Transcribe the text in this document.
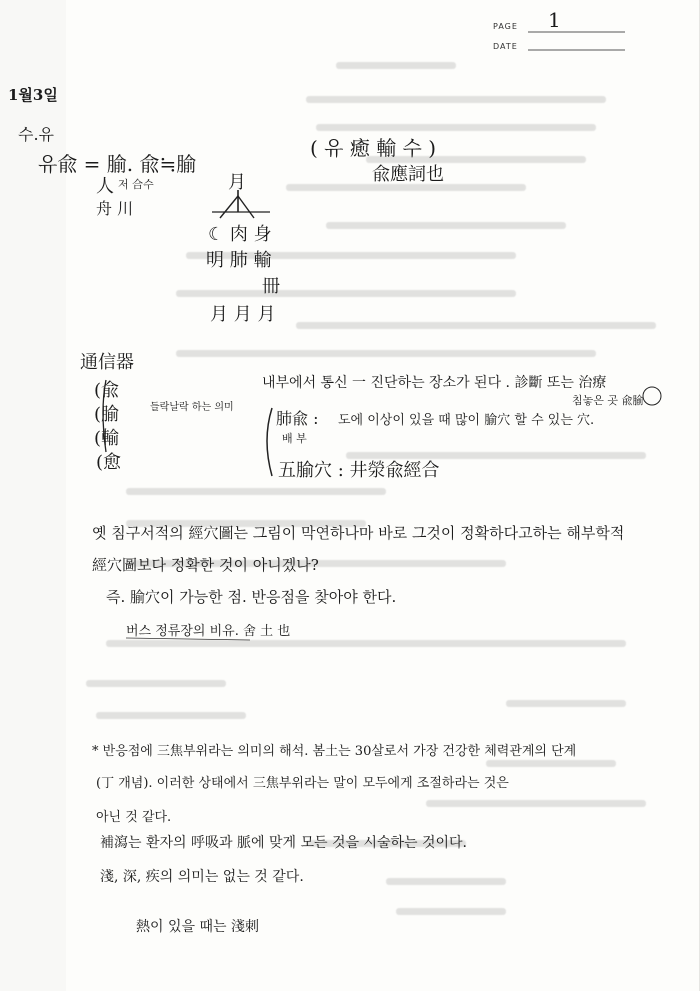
PAGE 1
DATE
1월3일
수.유
유兪 = 腧. 兪≒腧
人 저 合수
舟 川
( 유 癒 輸 수 )
兪應詞也
月
☾ 肉 身
明 肺 輸
冊
月 月 月
通信器
(兪
(腧
(輸
(愈
들락날락 하는 의미
내부에서 통신 一 진단하는 장소가 된다 . 診斷 또는 治療
침놓은 곳 兪腧
肺兪 :
배 부
도에 이상이 있을 때 많이 腧穴 할 수 있는 穴.
五腧穴 : 井滎兪經合
옛 침구서적의 經穴圖는 그림이 막연하나마 바로 그것이 정확하다고하는 해부학적
經穴圖보다 정확한 것이 아니겠나?
즉. 腧穴이 가능한 점. 반응점을 찾아야 한다.
버스 정류장의 비유. 舍 土 也
* 반응점에 三焦부위라는 의미의 해석. 봄土는 30살로서 가장 건강한 체력관계의 단계
(丁 개념). 이러한 상태에서 三焦부위라는 말이 모두에게 조절하라는 것은
아닌 것 같다.
補瀉는 환자의 呼吸과 脈에 맞게 모든 것을 시술하는 것이다.
淺, 深, 疾의 의미는 없는 것 같다.
熱이 있을 때는 淺刺
